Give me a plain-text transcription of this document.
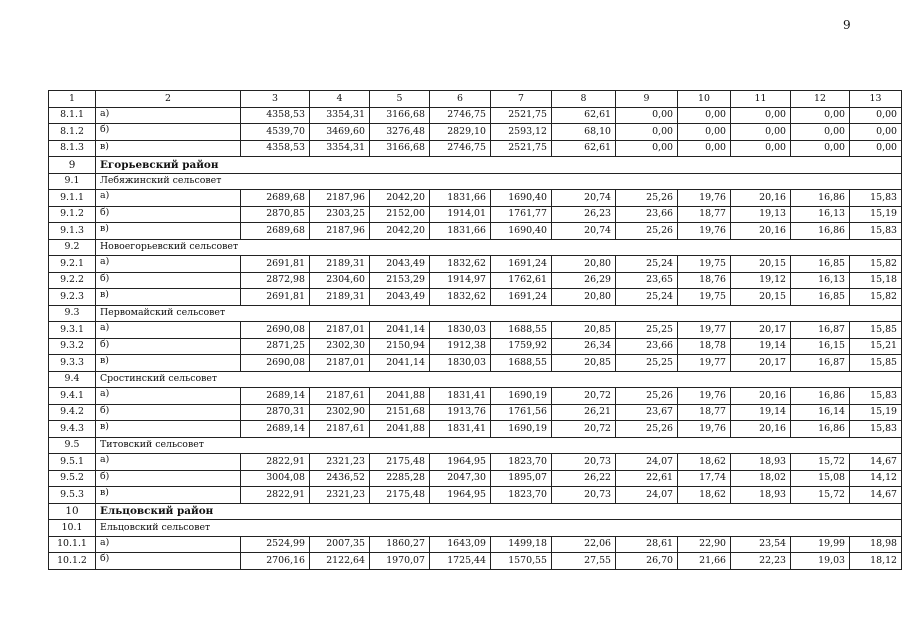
9
1	2	3	4	5	6	7	8	9	10	11	12	13
8.1.1	а)	4358,53	3354,31	3166,68	2746,75	2521,75	62,61	0,00	0,00	0,00	0,00	0,00
8.1.2	б)	4539,70	3469,60	3276,48	2829,10	2593,12	68,10	0,00	0,00	0,00	0,00	0,00
8.1.3	в)	4358,53	3354,31	3166,68	2746,75	2521,75	62,61	0,00	0,00	0,00	0,00	0,00
9	Егорьевский район											
9.1	Лебяжинский сельсовет											
9.1.1	а)	2689,68	2187,96	2042,20	1831,66	1690,40	20,74	25,26	19,76	20,16	16,86	15,83
9.1.2	б)	2870,85	2303,25	2152,00	1914,01	1761,77	26,23	23,66	18,77	19,13	16,13	15,19
9.1.3	в)	2689,68	2187,96	2042,20	1831,66	1690,40	20,74	25,26	19,76	20,16	16,86	15,83
9.2	Новоегорьевский сельсовет											
9.2.1	а)	2691,81	2189,31	2043,49	1832,62	1691,24	20,80	25,24	19,75	20,15	16,85	15,82
9.2.2	б)	2872,98	2304,60	2153,29	1914,97	1762,61	26,29	23,65	18,76	19,12	16,13	15,18
9.2.3	в)	2691,81	2189,31	2043,49	1832,62	1691,24	20,80	25,24	19,75	20,15	16,85	15,82
9.3	Первомайский сельсовет											
9.3.1	а)	2690,08	2187,01	2041,14	1830,03	1688,55	20,85	25,25	19,77	20,17	16,87	15,85
9.3.2	б)	2871,25	2302,30	2150,94	1912,38	1759,92	26,34	23,66	18,78	19,14	16,15	15,21
9.3.3	в)	2690,08	2187,01	2041,14	1830,03	1688,55	20,85	25,25	19,77	20,17	16,87	15,85
9.4	Сростинский сельсовет											
9.4.1	а)	2689,14	2187,61	2041,88	1831,41	1690,19	20,72	25,26	19,76	20,16	16,86	15,83
9.4.2	б)	2870,31	2302,90	2151,68	1913,76	1761,56	26,21	23,67	18,77	19,14	16,14	15,19
9.4.3	в)	2689,14	2187,61	2041,88	1831,41	1690,19	20,72	25,26	19,76	20,16	16,86	15,83
9.5	Титовский сельсовет											
9.5.1	а)	2822,91	2321,23	2175,48	1964,95	1823,70	20,73	24,07	18,62	18,93	15,72	14,67
9.5.2	б)	3004,08	2436,52	2285,28	2047,30	1895,07	26,22	22,61	17,74	18,02	15,08	14,12
9.5.3	в)	2822,91	2321,23	2175,48	1964,95	1823,70	20,73	24,07	18,62	18,93	15,72	14,67
10	Ельцовский район											
10.1	Ельцовский сельсовет											
10.1.1	а)	2524,99	2007,35	1860,27	1643,09	1499,18	22,06	28,61	22,90	23,54	19,99	18,98
10.1.2	б)	2706,16	2122,64	1970,07	1725,44	1570,55	27,55	26,70	21,66	22,23	19,03	18,12
